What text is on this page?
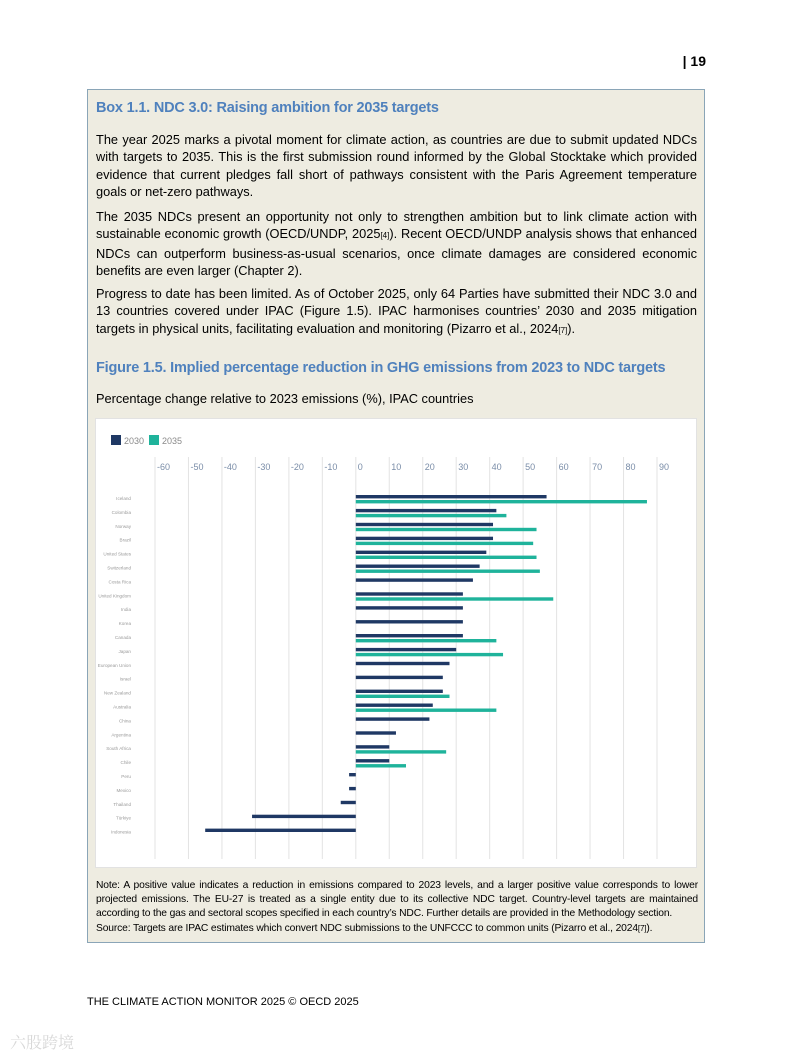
| 19
Box 1.1. NDC 3.0: Raising ambition for 2035 targets

The year 2025 marks a pivotal moment for climate action, as countries are due to submit updated NDCs with targets to 2035. This is the first submission round informed by the Global Stocktake which provided evidence that current pledges fall short of pathways consistent with the Paris Agreement temperature goals or net-zero pathways.

The 2035 NDCs present an opportunity not only to strengthen ambition but to link climate action with sustainable economic growth (OECD/UNDP, 2025[4]). Recent OECD/UNDP analysis shows that enhanced NDCs can outperform business-as-usual scenarios, once climate damages are considered economic benefits are even larger (Chapter 2).

Progress to date has been limited. As of October 2025, only 64 Parties have submitted their NDC 3.0 and 13 countries covered under IPAC (Figure 1.5). IPAC harmonises countries’ 2030 and 2035 mitigation targets in physical units, facilitating evaluation and monitoring (Pizarro et al., 2024[7]).

Figure 1.5. Implied percentage reduction in GHG emissions from 2023 to NDC targets
Percentage change relative to 2023 emissions (%), IPAC countries
2030 2035
-60 -50 -40 -30 -20 -10 0	10	20	30	40	50	60	70	80	90
Iceland
Colombia
Norway
Brazil
United States
Switzerland
Costa Rica
United Kingdom
India
Korea
Canada
Japan
European Union
Israel
New Zealand
Australia
China
Argentina
South Africa
Chile
Peru
Mexico
Thailand
Türkiye
Indonesia

Note: A positive value indicates a reduction in emissions compared to 2023 levels, and a larger positive value corresponds to lower projected emissions. The EU-27 is treated as a single entity due to its collective NDC target. Country-level targets are maintained according to the gas and sectoral scopes specified in each country’s NDC. Further details are provided in the Methodology section.

Source: Targets are IPAC estimates which convert NDC submissions to the UNFCCC to common units (Pizarro et al., 2024[7]).

THE CLIMATE ACTION MONITOR 2025 © OECD 2025
六股跨境
